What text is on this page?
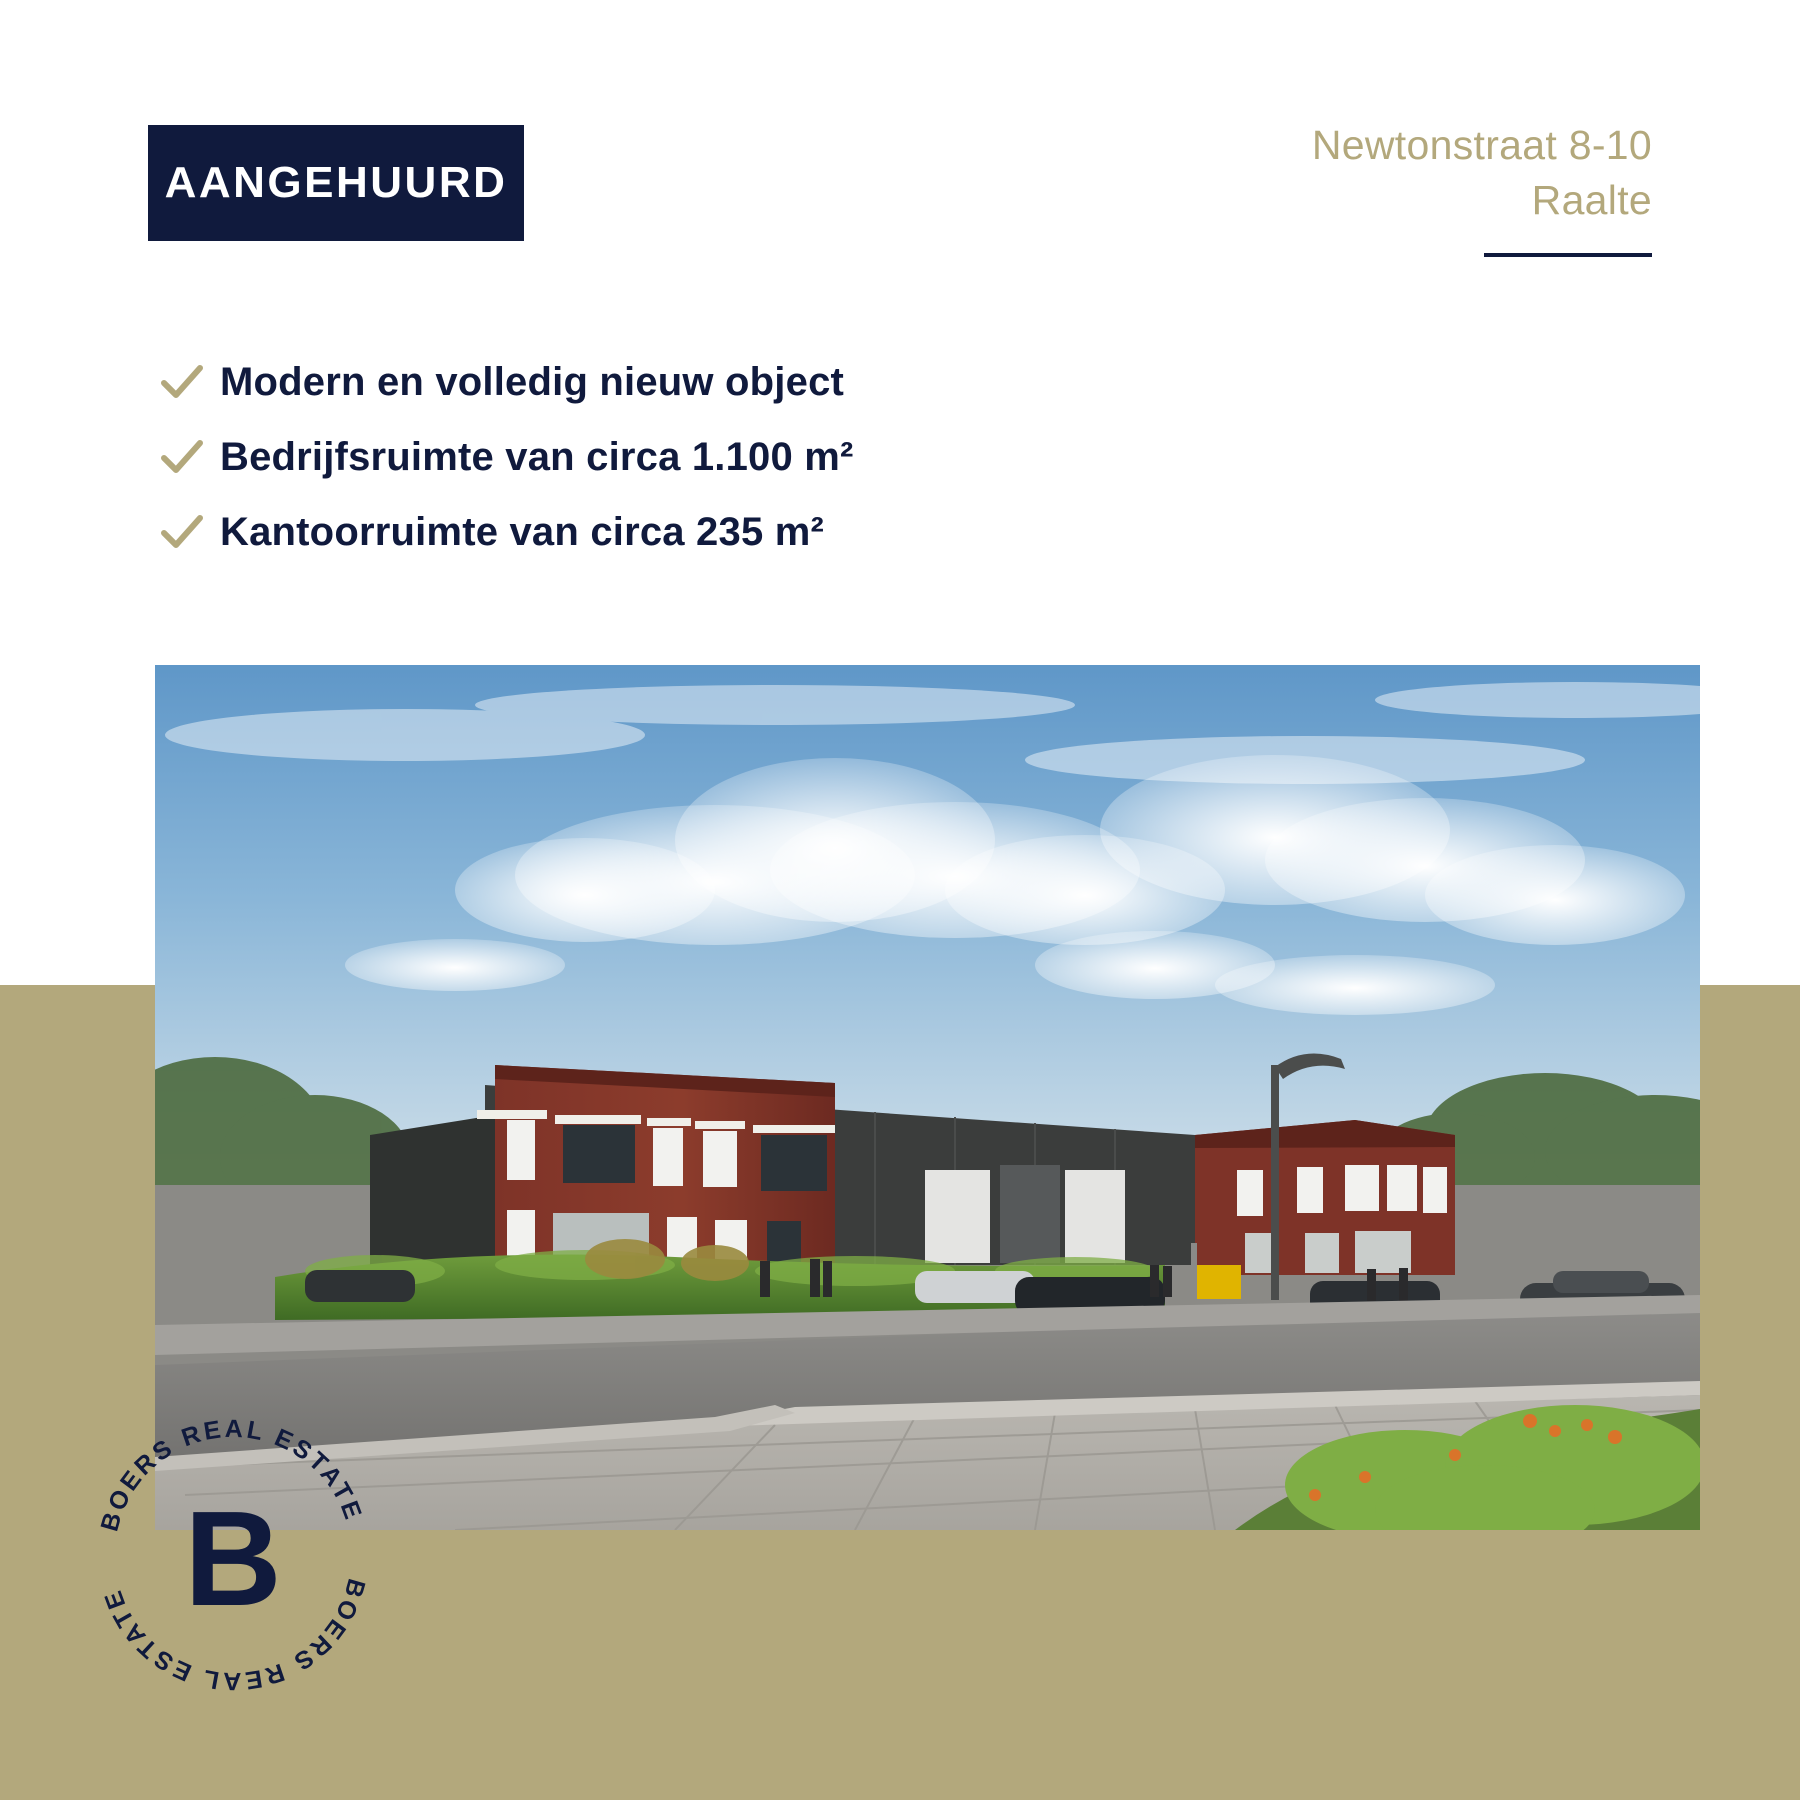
AANGEHUURD
Newtonstraat 8-10
Raalte
Modern en volledig nieuw object
Bedrijfsruimte van circa 1.100 m²
Kantoorruimte van circa 235 m²
BOERS REAL ESTATE
BOERS REAL ESTATE B
